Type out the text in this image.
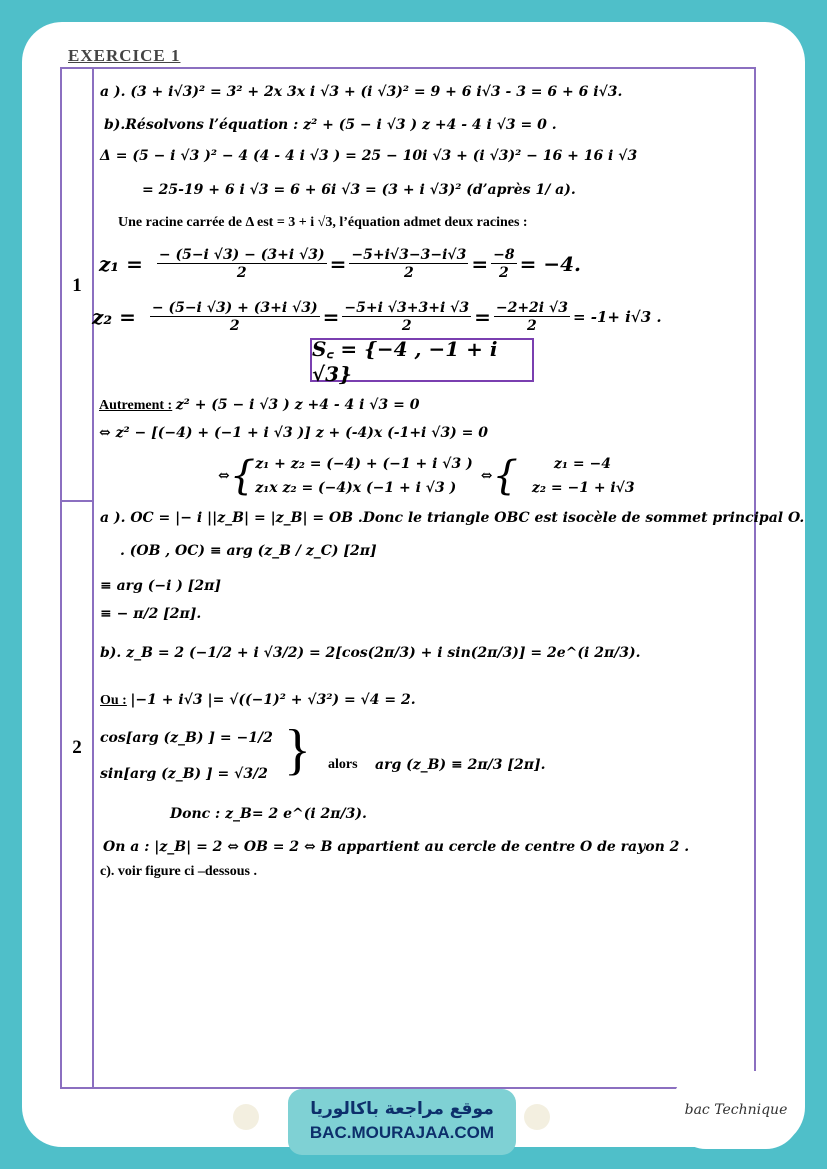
EXERCICE 1
1
2
a ). (3 + i√3)² = 3² + 2x 3x i √3 + (i √3)² = 9 + 6 i√3 - 3 = 6 + 6 i√3.
b).Résolvons l’équation : z² + (5 − i √3 ) z +4 - 4 i √3 = 0 .
Δ = (5 − i √3 )² − 4 (4 - 4 i √3 ) = 25 − 10i √3 + (i √3)² − 16 + 16 i √3
= 25-19 + 6 i √3 = 6 + 6i √3 = (3 + i √3)² (d’après 1/ a).
Une racine carrée de Δ est = 3 + i √3, l’équation admet deux racines :
$z_1 = \frac{- (5-i √3) - (3+i √3)}{2} = \frac{-5+i√3-3-i√3}{2} = \frac{-8}{2} = -4$.
$z_2 = \frac{- (5-i √3) + (3+i √3)}{2} = \frac{-5+i √3+3+i √3}{2} = \frac{-2+2i √3}{2} = -1+ i√3$ .
S꜀ = {−4 , −1 + i √3}
Autrement : z² + (5 − i √3 ) z +4 - 4 i √3 = 0
⇔ z² − [(−4) + (−1 + i √3 )] z + (-4)x (-1+i √3) = 0
⇔ { z₁ + z₂ = (−4) + (−1 + i √3 )
z₁x z₂ = (−4)x (−1 + i √3 )
⇔ {	z₁ = −4
z₂ = −1 + i√3
a ). OC = |− i ||z_B| = |z_B| = OB .Donc le triangle OBC est isocèle de sommet principal O.
. (OB , OC) ≡ arg (z_B / z_C) [2π]
≡ arg (−i ) [2π]
≡ − π/2 [2π].
b). z_B = 2 (−1/2 + i √3/2) = 2[cos(2π/3) + i sin(2π/3)] = 2e^(i 2π/3).
Ou : |−1 + i√3 |= √((−1)² + √3²) = √4 = 2.
cos[arg (z_B) ] = −1/2
sin[arg (z_B) ] = √3/2 } alors arg (z_B) ≡ 2π/3 [2π].
Donc : z_B= 2 e^(i 2π/3).
On a : |z_B| = 2 ⇔ OB = 2 ⇔ B appartient au cercle de centre O de rayon 2 .
c). voir figure ci –dessous .
موقع مراجعة باكالوريا
BAC.MOURAJAA.COM
bac Technique
